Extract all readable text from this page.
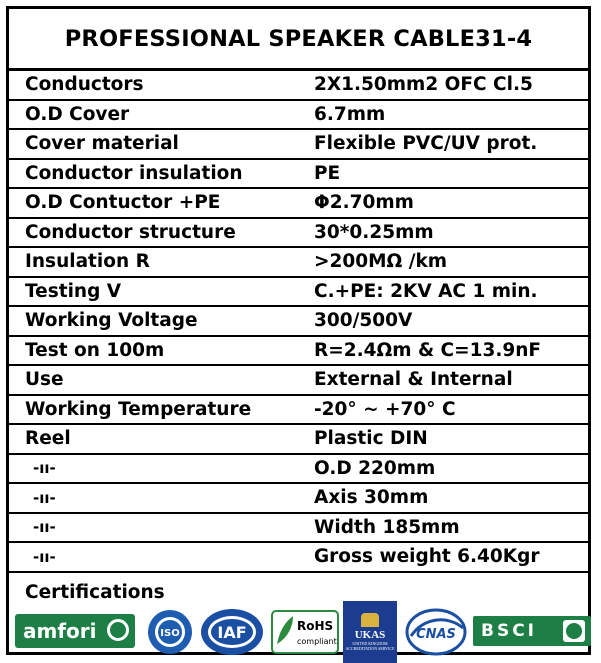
PROFESSIONAL SPEAKER CABLE31-4
Conductors	2X1.50mm2 OFC Cl.5
O.D Cover	6.7mm
Cover material	Flexible PVC/UV prot.
Conductor insulation	PE
O.D Contuctor +PE	Φ2.70mm
Conductor structure	30*0.25mm
Insulation R	>200MΩ /km
Testing V	C.+PE: 2KV AC 1 min.
Working Voltage	300/500V
Test on 100m	R=2.4Ωm & C=13.9nF
Use	External & Internal
Working Temperature	-20° ~ +70° C
Reel	Plastic DIN
-ıı-	O.D 220mm
-ıı-	Axis 30mm
-ıı-	Width 185mm
-ıı-	Gross weight 6.40Kgr
Certifications
amfori	ISO IAF	RoHS
compliant
UKAS
UNITED KINGDOM ACCREDITATION SERVICE
CNAS BSCI
